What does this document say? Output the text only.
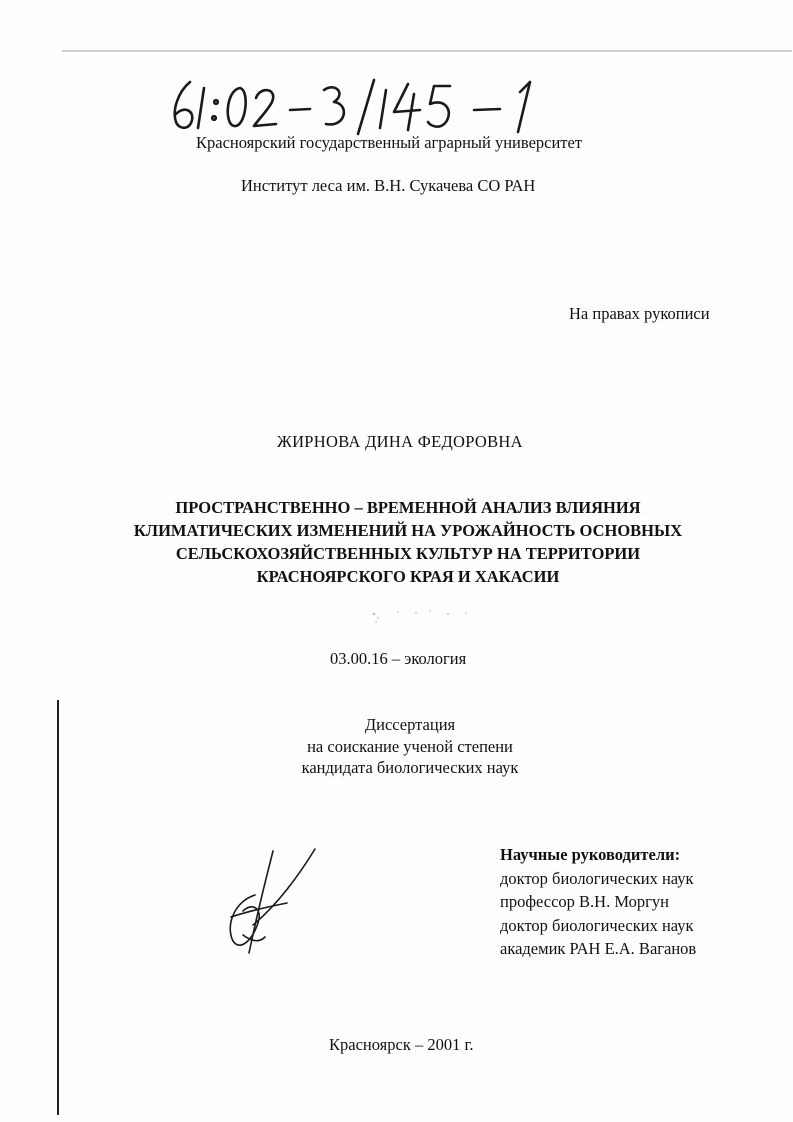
61:02-3/145-1
Красноярский государственный аграрный университет
Институт леса им. В.Н. Сукачева СО РАН
На правах рукописи
ЖИРНОВА ДИНА ФЕДОРОВНА
ПРОСТРАНСТВЕННО – ВРЕМЕННОЙ АНАЛИЗ ВЛИЯНИЯ
КЛИМАТИЧЕСКИХ ИЗМЕНЕНИЙ НА УРОЖАЙНОСТЬ ОСНОВНЫХ
СЕЛЬСКОХОЗЯЙСТВЕННЫХ КУЛЬТУР НА ТЕРРИТОРИИ
КРАСНОЯРСКОГО КРАЯ И ХАКАСИИ
03.00.16 – экология
Диссертация
на соискание ученой степени
кандидата биологических наук
Научные руководители:
доктор биологических наук
профессор В.Н. Моргун
доктор биологических наук
академик РАН Е.А. Ваганов
Красноярск – 2001 г.
